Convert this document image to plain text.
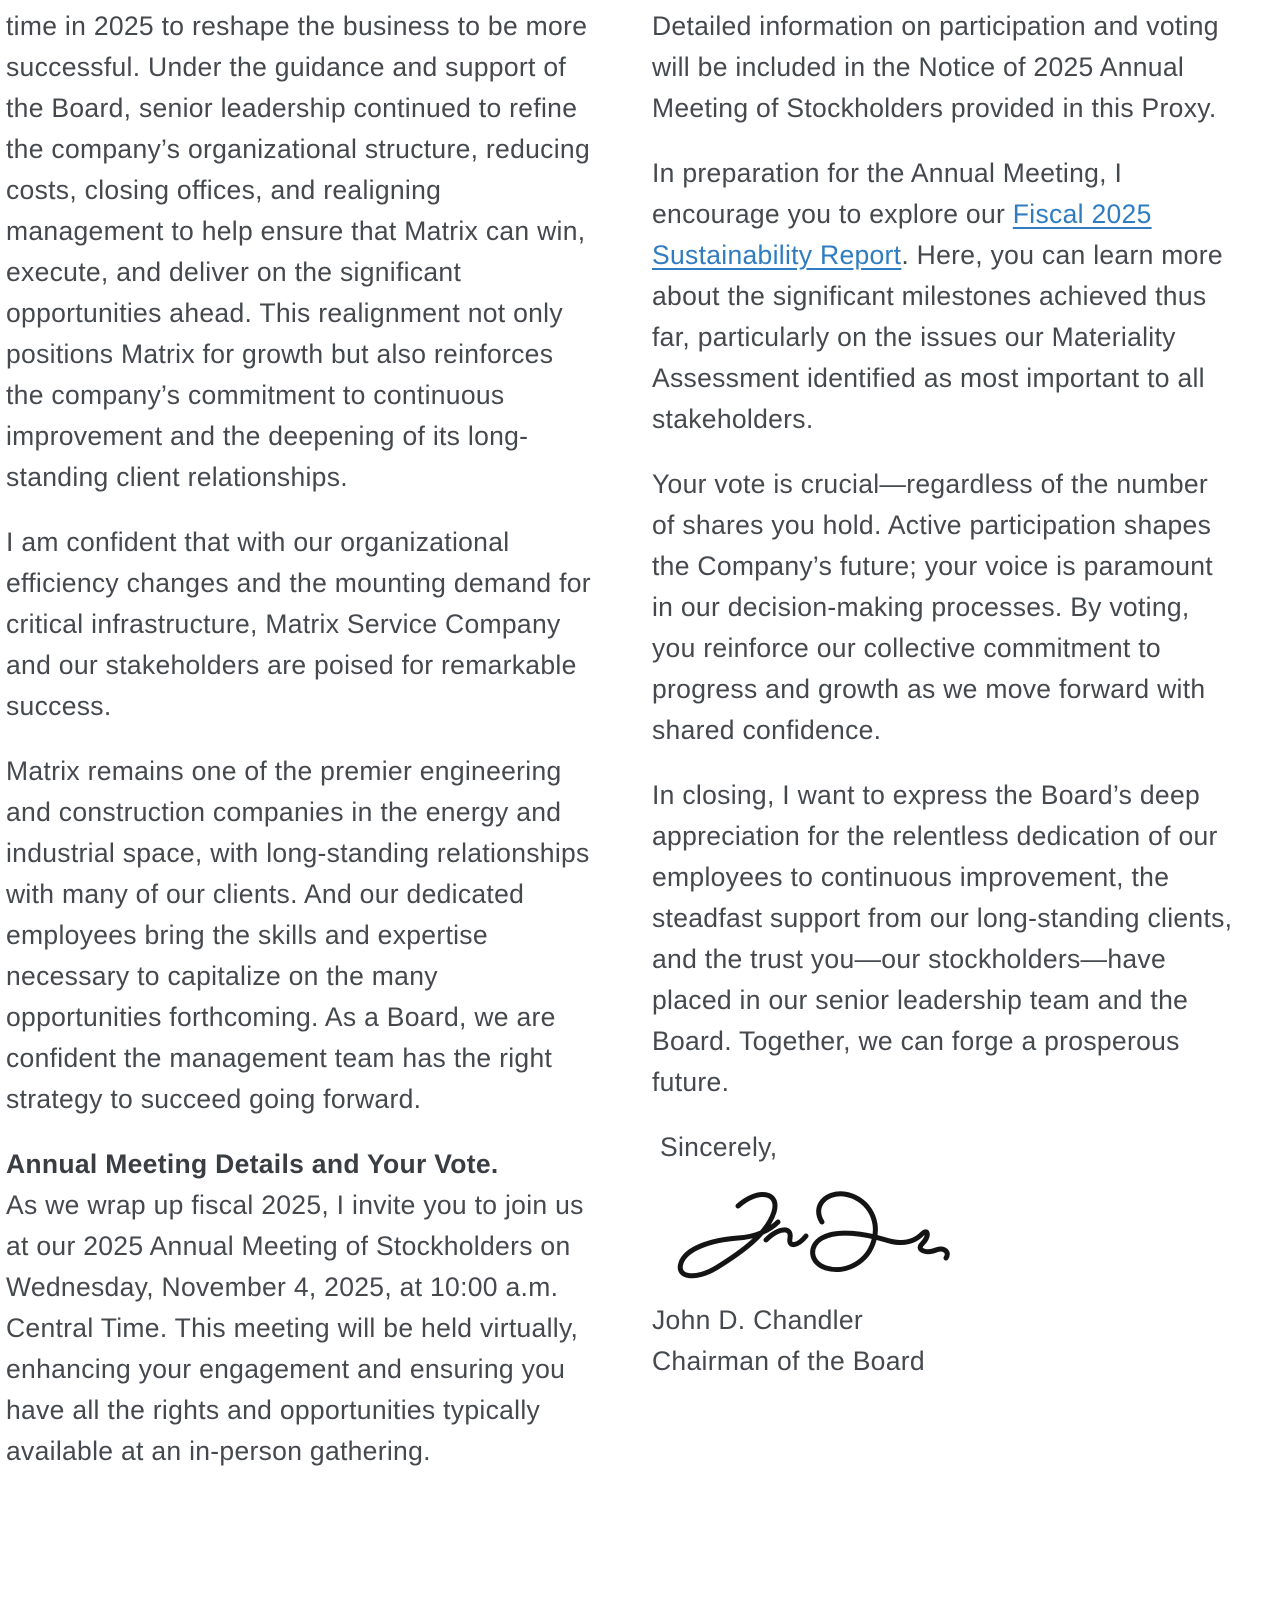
time in 2025 to reshape the business to be more successful. Under the guidance and support of the Board, senior leadership continued to refine the company’s organizational structure, reducing costs, closing offices, and realigning management to help ensure that Matrix can win, execute, and deliver on the significant opportunities ahead. This realignment not only positions Matrix for growth but also reinforces the company’s commitment to continuous improvement and the deepening of its long-standing client relationships.

I am confident that with our organizational efficiency changes and the mounting demand for critical infrastructure, Matrix Service Company and our stakeholders are poised for remarkable success.

Matrix remains one of the premier engineering and construction companies in the energy and industrial space, with long-standing relationships with many of our clients. And our dedicated employees bring the skills and expertise necessary to capitalize on the many opportunities forthcoming. As a Board, we are confident the management team has the right strategy to succeed going forward.

Annual Meeting Details and Your Vote.
As we wrap up fiscal 2025, I invite you to join us at our 2025 Annual Meeting of Stockholders on Wednesday, November 4, 2025, at 10:00 a.m. Central Time. This meeting will be held virtually, enhancing your engagement and ensuring you have all the rights and opportunities typically available at an in-person gathering.

Detailed information on participation and voting will be included in the Notice of 2025 Annual Meeting of Stockholders provided in this Proxy.

In preparation for the Annual Meeting, I encourage you to explore our Fiscal 2025 Sustainability Report. Here, you can learn more about the significant milestones achieved thus far, particularly on the issues our Materiality Assessment identified as most important to all stakeholders.

Your vote is crucial—regardless of the number of shares you hold. Active participation shapes the Company’s future; your voice is paramount in our decision-making processes. By voting, you reinforce our collective commitment to progress and growth as we move forward with shared confidence.

In closing, I want to express the Board’s deep appreciation for the relentless dedication of our employees to continuous improvement, the steadfast support from our long-standing clients, and the trust you—our stockholders—have placed in our senior leadership team and the Board. Together, we can forge a prosperous future.

Sincerely,

John D. Chandler

Chairman of the Board
